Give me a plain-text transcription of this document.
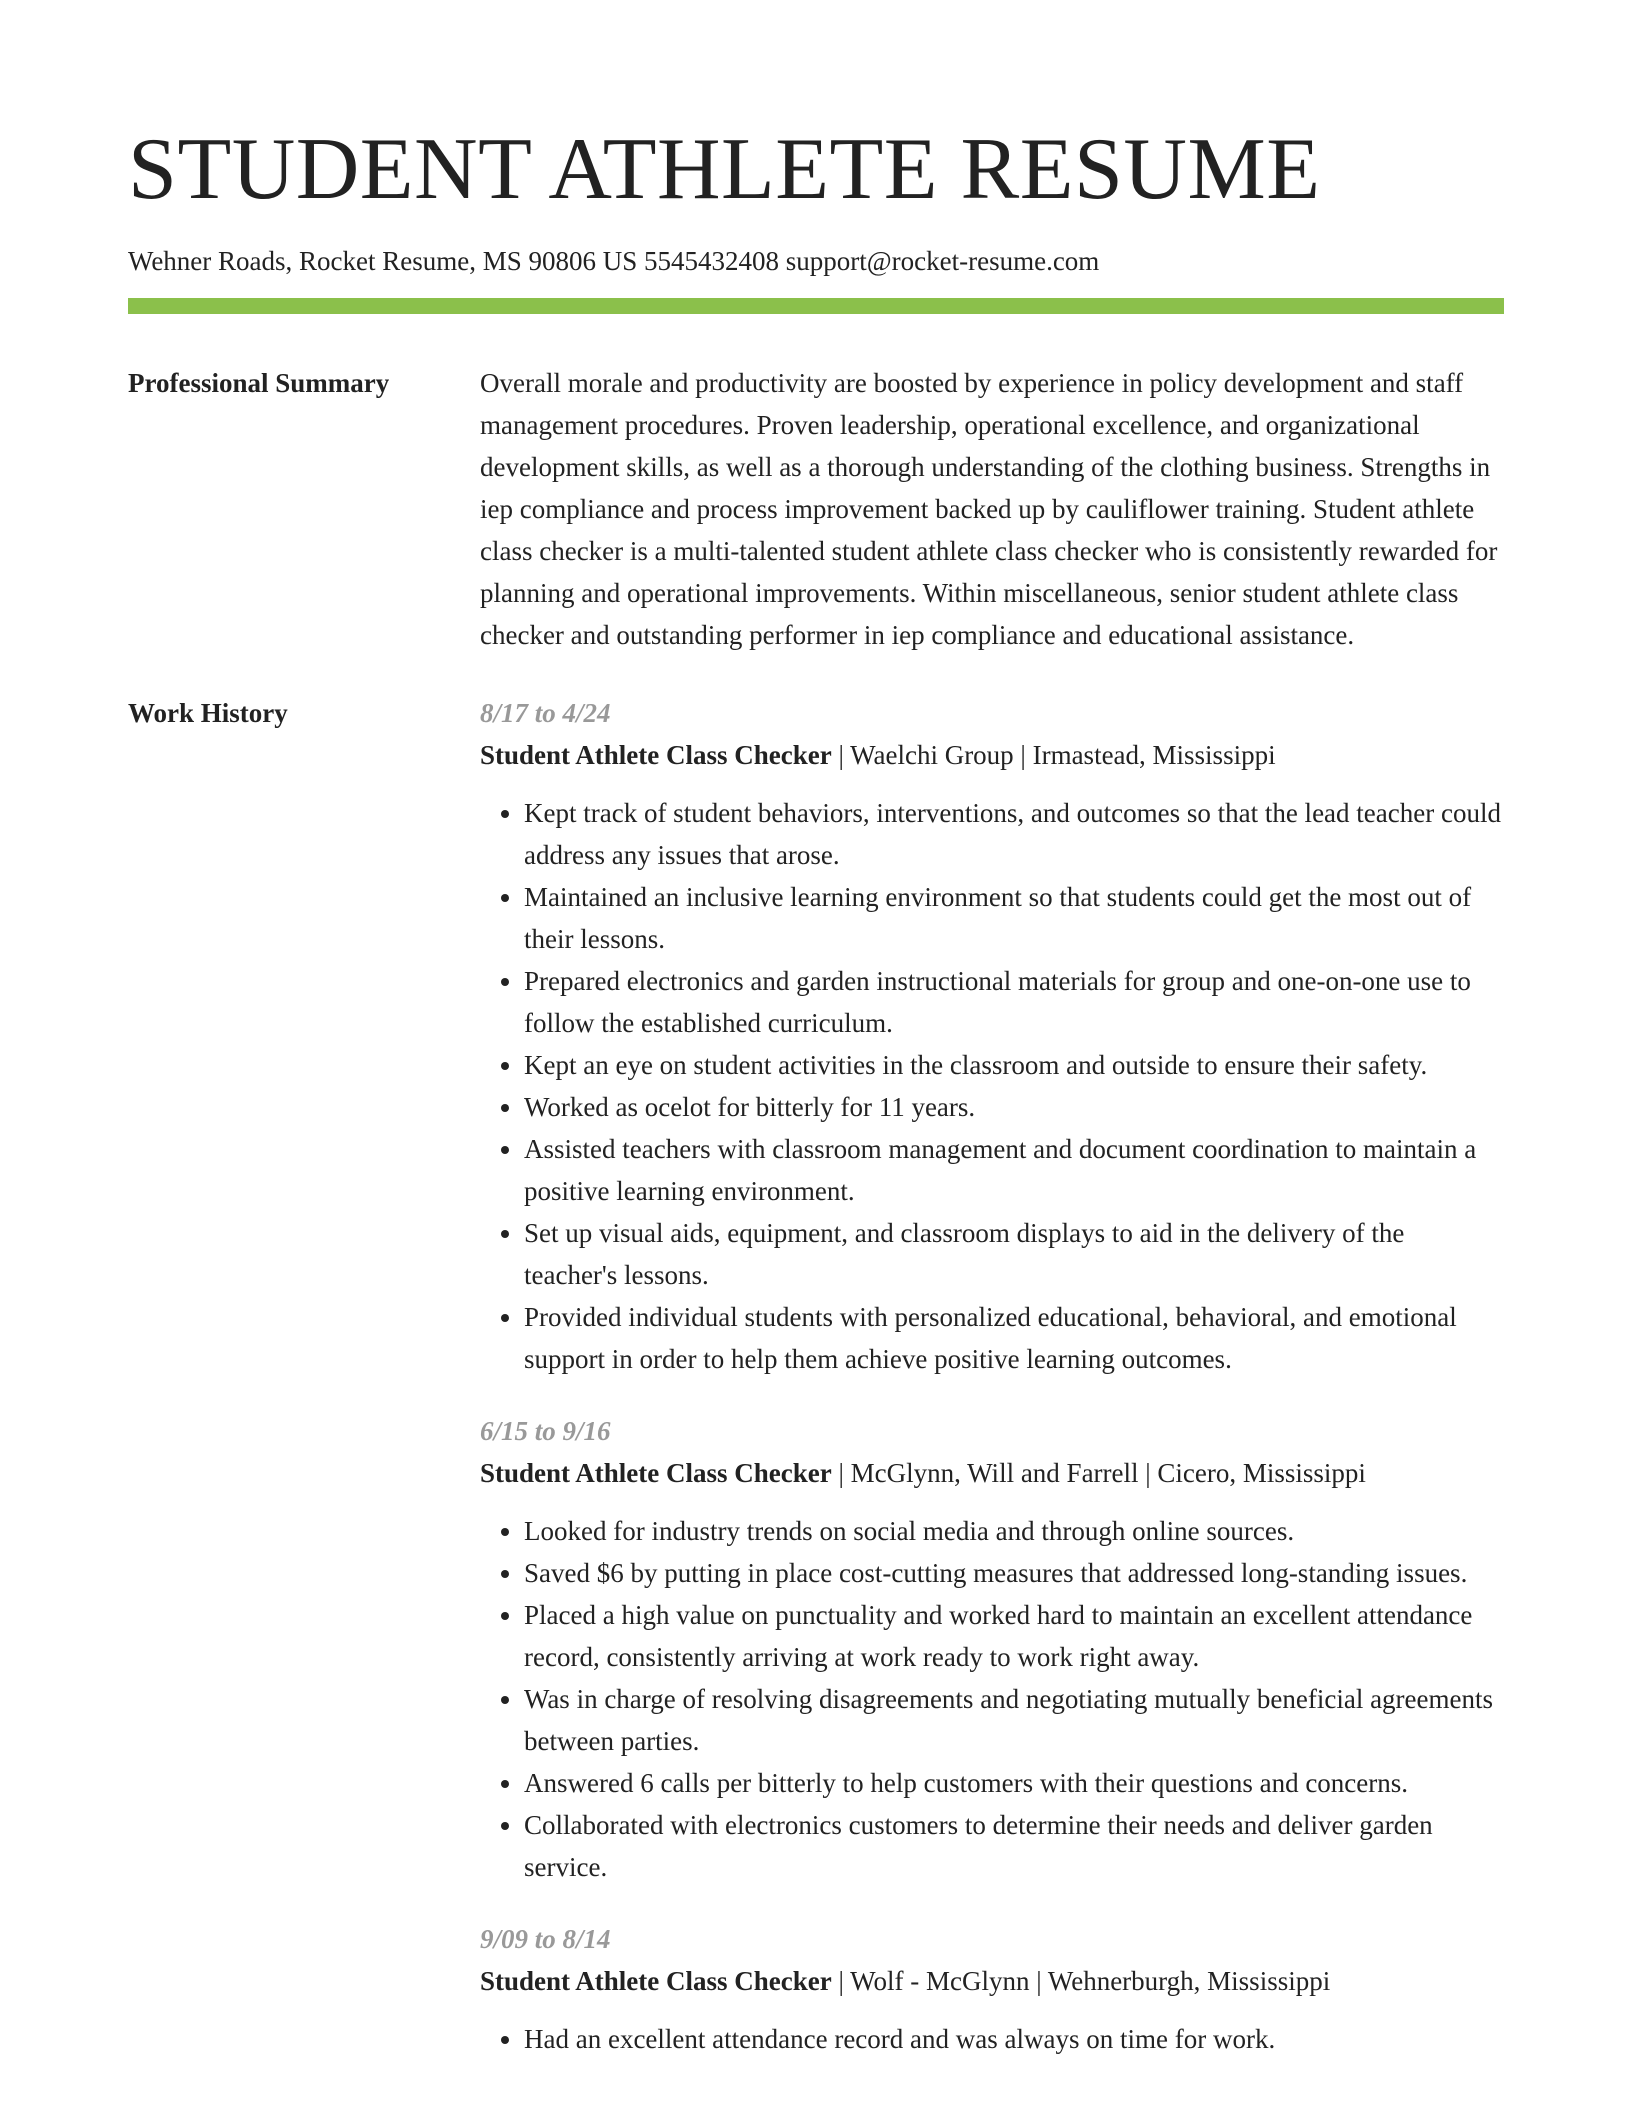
STUDENT ATHLETE RESUME
Wehner Roads, Rocket Resume, MS 90806 US 5545432408 support@rocket-resume.com
Professional Summary	Overall morale and productivity are boosted by experience in policy development and staff management procedures. Proven leadership, operational excellence, and organizational development skills, as well as a thorough understanding of the clothing business. Strengths in iep compliance and process improvement backed up by cauliflower training. Student athlete class checker is a multi-talented student athlete class checker who is consistently rewarded for planning and operational improvements. Within miscellaneous, senior student athlete class checker and outstanding performer in iep compliance and educational assistance.

Work History	8/17 to 4/24
Student Athlete Class Checker | Waelchi Group | Irmastead, Mississippi
• Kept track of student behaviors, interventions, and outcomes so that the lead teacher could address any issues that arose.
• Maintained an inclusive learning environment so that students could get the most out of their lessons.
• Prepared electronics and garden instructional materials for group and one-on-one use to follow the established curriculum.
• Kept an eye on student activities in the classroom and outside to ensure their safety.
• Worked as ocelot for bitterly for 11 years.
• Assisted teachers with classroom management and document coordination to maintain a positive learning environment.
• Set up visual aids, equipment, and classroom displays to aid in the delivery of the teacher's lessons.
• Provided individual students with personalized educational, behavioral, and emotional support in order to help them achieve positive learning outcomes.
6/15 to 9/16
Student Athlete Class Checker | McGlynn, Will and Farrell | Cicero, Mississippi
• Looked for industry trends on social media and through online sources.
• Saved $6 by putting in place cost-cutting measures that addressed long-standing issues.
• Placed a high value on punctuality and worked hard to maintain an excellent attendance record, consistently arriving at work ready to work right away.
• Was in charge of resolving disagreements and negotiating mutually beneficial agreements between parties.
• Answered 6 calls per bitterly to help customers with their questions and concerns.
• Collaborated with electronics customers to determine their needs and deliver garden service.
9/09 to 8/14
Student Athlete Class Checker | Wolf - McGlynn | Wehnerburgh, Mississippi
• Had an excellent attendance record and was always on time for work.
